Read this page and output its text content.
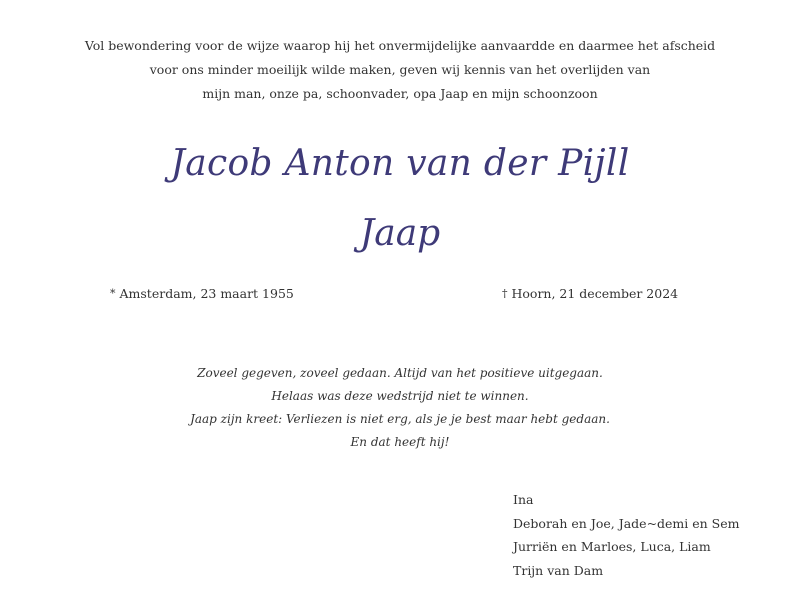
Vol bewondering voor de wijze waarop hij het onvermijdelijke aanvaardde en daarmee het afscheid
voor ons minder moeilijk wilde maken, geven wij kennis van het overlijden van
mijn man, onze pa, schoonvader, opa Jaap en mijn schoonzoon
Jacob Anton van der Pijll
Jaap
* Amsterdam, 23 maart 1955	† Hoorn, 21 december 2024
Zoveel gegeven, zoveel gedaan. Altijd van het positieve uitgegaan.
Helaas was deze wedstrijd niet te winnen.
Jaap zijn kreet: Verliezen is niet erg, als je je best maar hebt gedaan.
En dat heeft hij!
Ina
Deborah en Joe, Jade~demi en Sem
Jurriën en Marloes, Luca, Liam
Trijn van Dam
